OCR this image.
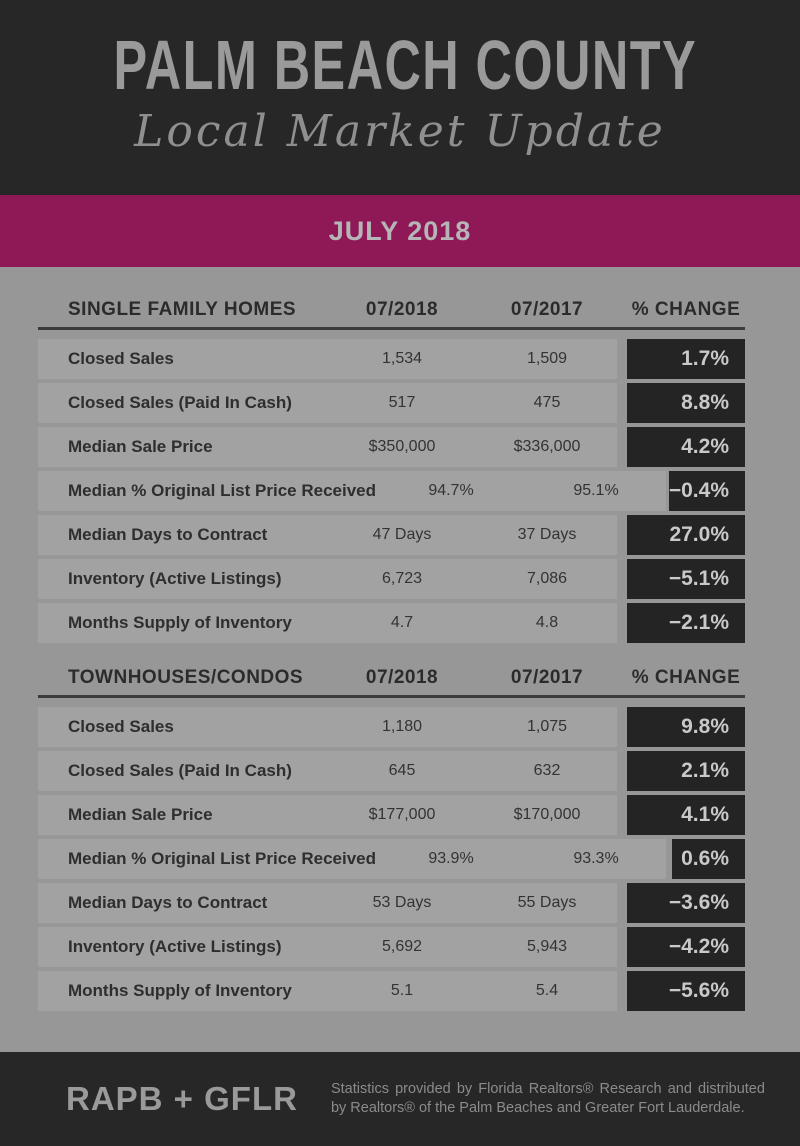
PALM BEACH COUNTY
Local Market Update
JULY 2018
SINGLE FAMILY HOMES	07/2018	07/2017	% CHANGE
Closed Sales	1,534	1,509	1.7%
Closed Sales (Paid In Cash)	517	475	8.8%
Median Sale Price	$350,000	$336,000	4.2%
Median % Original List Price Received	94.7%	95.1%	−0.4%
Median Days to Contract	47 Days	37 Days	27.0%
Inventory (Active Listings)	6,723	7,086	−5.1%
Months Supply of Inventory	4.7	4.8	−2.1%
TOWNHOUSES/CONDOS	07/2018	07/2017	% CHANGE
Closed Sales	1,180	1,075	9.8%
Closed Sales (Paid In Cash)	645	632	2.1%
Median Sale Price	$177,000	$170,000	4.1%
Median % Original List Price Received	93.9%	93.3%	0.6%
Median Days to Contract	53 Days	55 Days	−3.6%
Inventory (Active Listings)	5,692	5,943	−4.2%
Months Supply of Inventory	5.1	5.4	−5.6%
RAPB + GFLR Statistics provided by Florida Realtors® Research and distributed by Realtors® of the Palm Beaches and Greater Fort Lauderdale.
